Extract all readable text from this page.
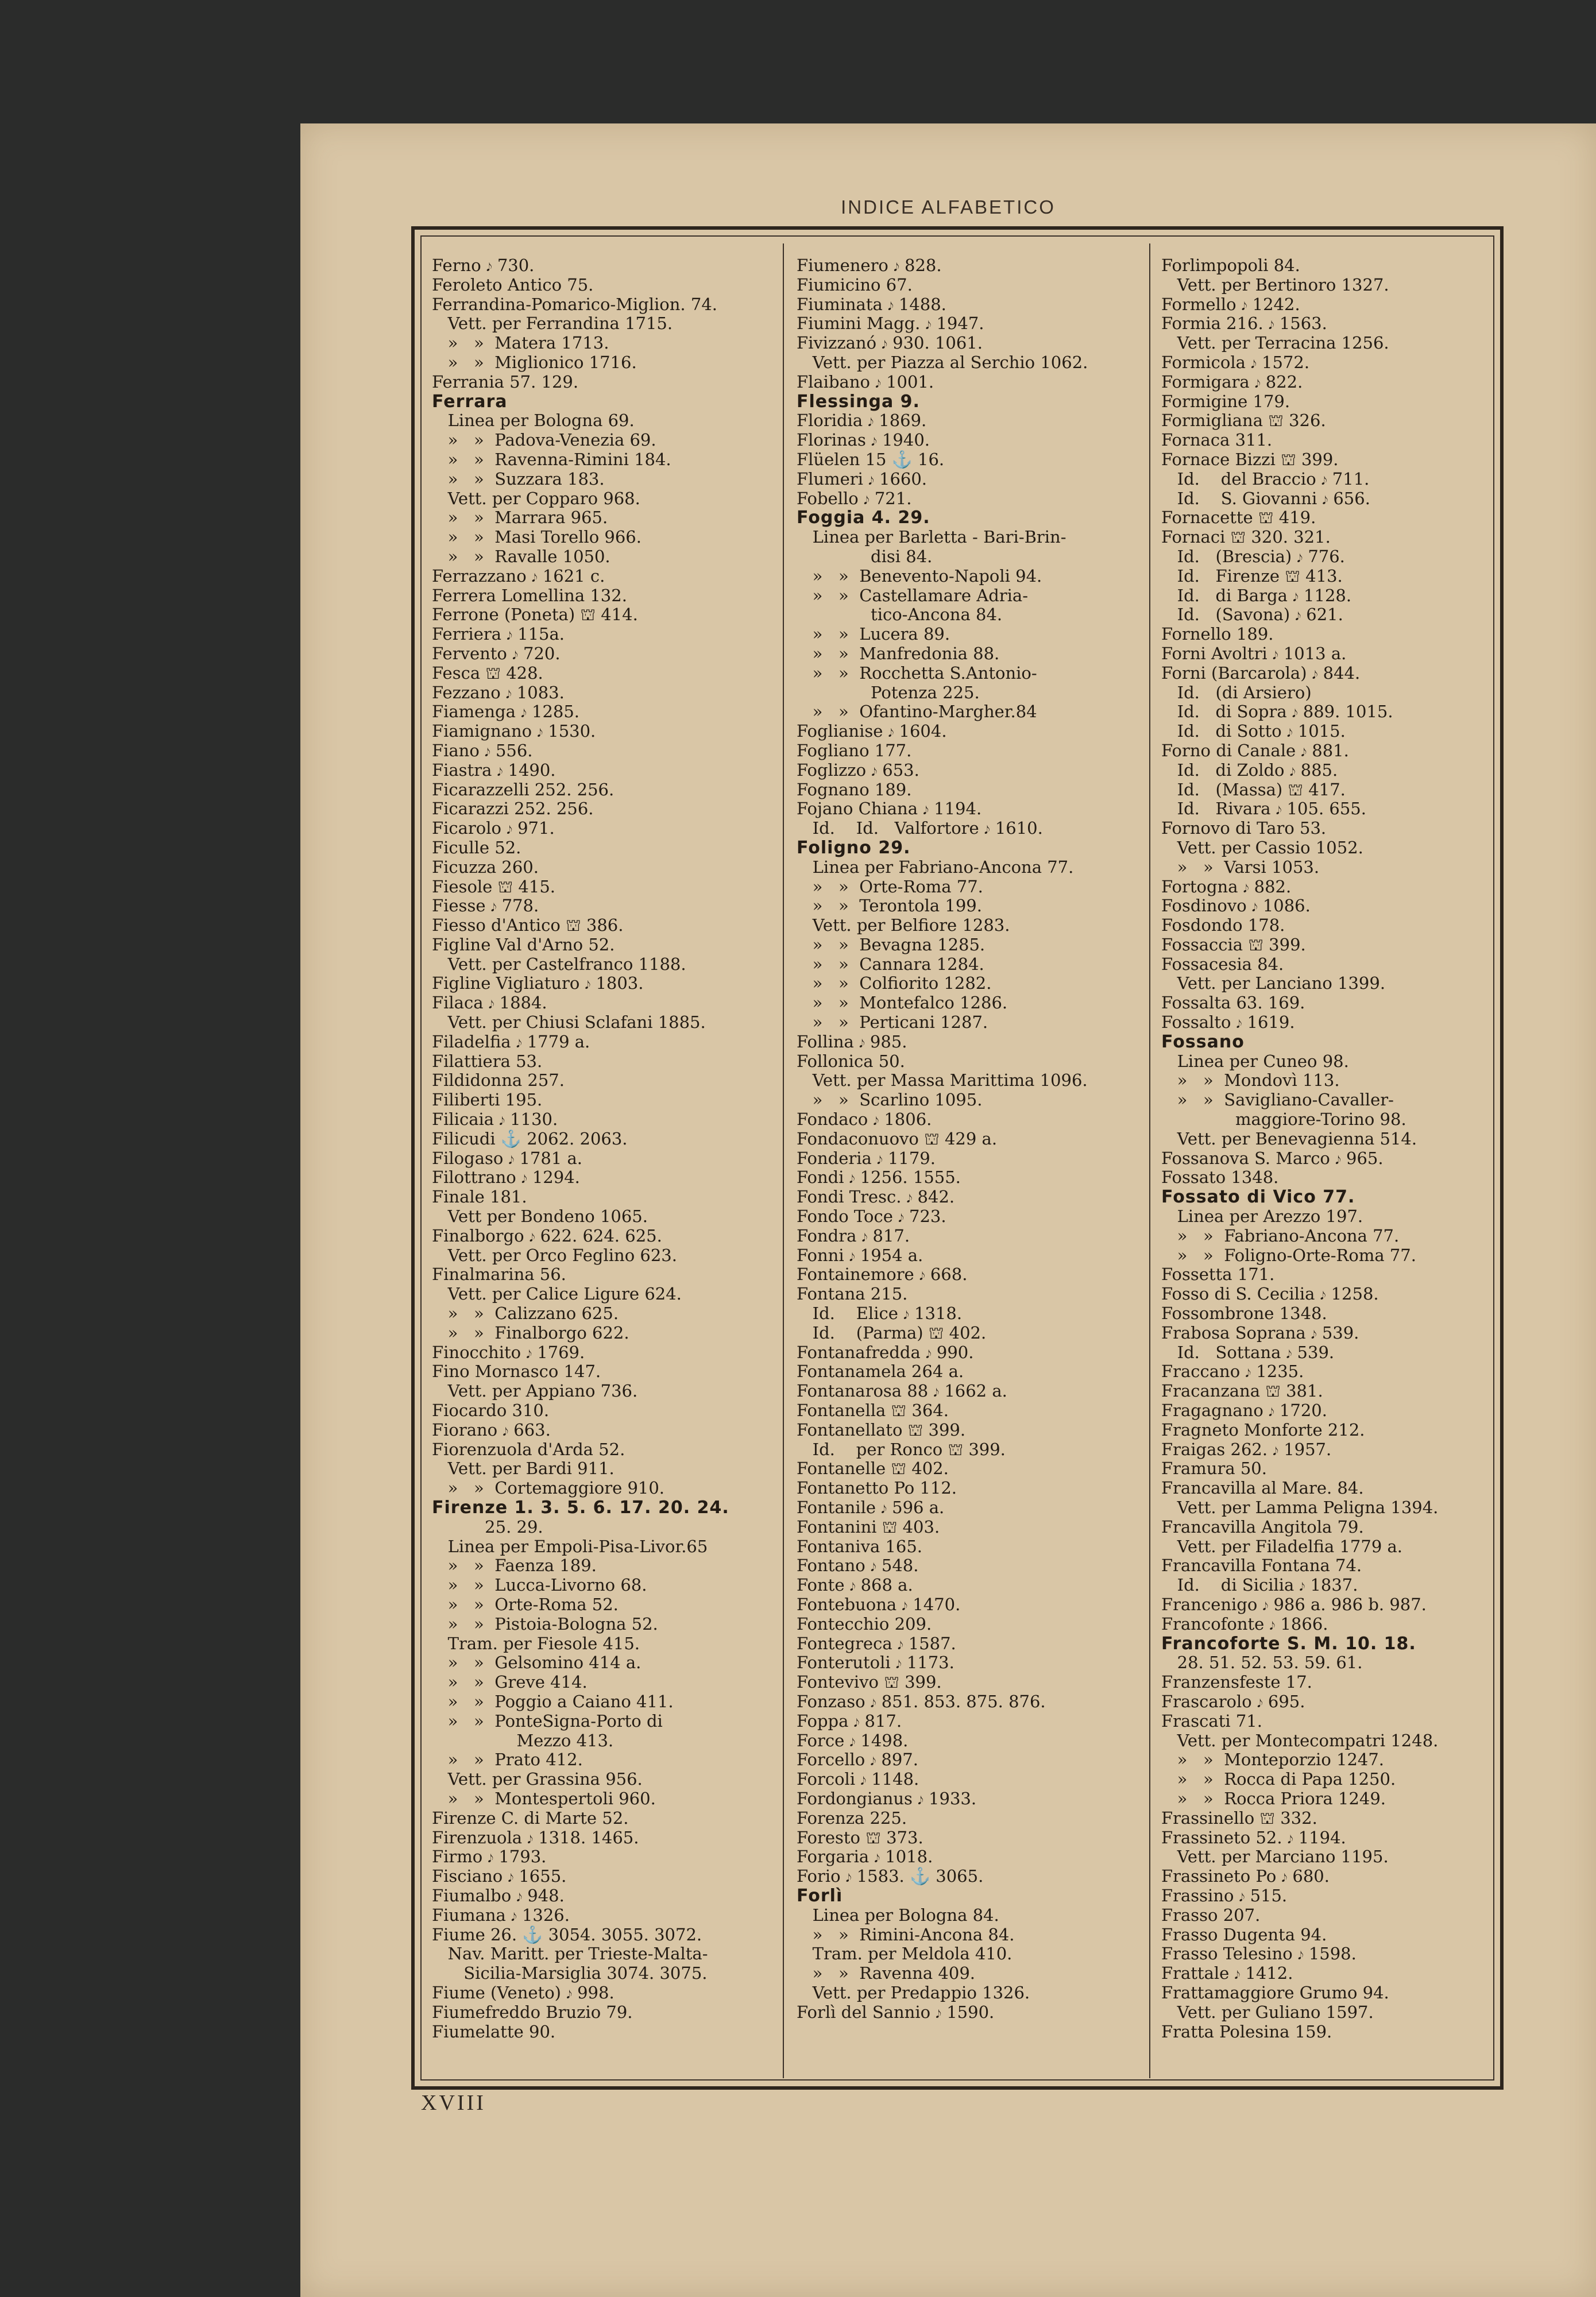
INDICE ALFABETICO
Ferno 𝆕 730.
Feroleto Antico 75.
Ferrandina-Pomarico-Miglion. 74.
Vett. per Ferrandina 1715.
»   »  Matera 1713.
»   »  Miglionico 1716.
Ferrania 57. 129.
Ferrara
Linea per Bologna 69.
»   »  Padova-Venezia 69.
»   »  Ravenna-Rimini 184.
»   »  Suzzara 183.
Vett. per Copparo 968.
»   »  Marrara 965.
»   »  Masi Torello 966.
»   »  Ravalle 1050.
Ferrazzano 𝆕 1621 c.
Ferrera Lomellina 132.
Ferrone (Poneta) ⛫ 414.
Ferriera 𝆕 115a.
Fervento 𝆕 720.
Fesca ⛫ 428.
Fezzano 𝆕 1083.
Fiamenga 𝆕 1285.
Fiamignano 𝆕 1530.
Fiano 𝆕 556.
Fiastra 𝆕 1490.
Ficarazzelli 252. 256.
Ficarazzi 252. 256.
Ficarolo 𝆕 971.
Ficulle 52.
Ficuzza 260.
Fiesole ⛫ 415.
Fiesse 𝆕 778.
Fiesso d'Antico ⛫ 386.
Figline Val d'Arno 52.
Vett. per Castelfranco 1188.
Figline Vigliaturo 𝆕 1803.
Filaca 𝆕 1884.
Vett. per Chiusi Sclafani 1885.
Filadelfia 𝆕 1779 a.
Filattiera 53.
Fildidonna 257.
Filiberti 195.
Filicaia 𝆕 1130.
Filicudi ⚓ 2062. 2063.
Filogaso 𝆕 1781 a.
Filottrano 𝆕 1294.
Finale 181.
Vett per Bondeno 1065.
Finalborgo 𝆕 622. 624. 625.
Vett. per Orco Feglino 623.
Finalmarina 56.
Vett. per Calice Ligure 624.
»   »  Calizzano 625.
»   »  Finalborgo 622.
Finocchito 𝆕 1769.
Fino Mornasco 147.
Vett. per Appiano 736.
Fiocardo 310.
Fiorano 𝆕 663.
Fiorenzuola d'Arda 52.
Vett. per Bardi 911.
»   »  Cortemaggiore 910.
Firenze 1. 3. 5. 6. 17. 20. 24.
25. 29.
Linea per Empoli-Pisa-Livor.65
»   »  Faenza 189.
»   »  Lucca-Livorno 68.
»   »  Orte-Roma 52.
»   »  Pistoia-Bologna 52.
Tram. per Fiesole 415.
»   »  Gelsomino 414 a.
»   »  Greve 414.
»   »  Poggio a Caiano 411.
»   »  PonteSigna-Porto di
Mezzo 413.
»   »  Prato 412.
Vett. per Grassina 956.
»   »  Montespertoli 960.
Firenze C. di Marte 52.
Firenzuola 𝆕 1318. 1465.
Firmo 𝆕 1793.
Fisciano 𝆕 1655.
Fiumalbo 𝆕 948.
Fiumana 𝆕 1326.
Fiume 26. ⚓ 3054. 3055. 3072.
Nav. Maritt. per Trieste-Malta-
Sicilia-Marsiglia 3074. 3075.
Fiume (Veneto) 𝆕 998.
Fiumefreddo Bruzio 79.
Fiumelatte 90.
Fiumenero 𝆕 828.
Fiumicino 67.
Fiuminata 𝆕 1488.
Fiumini Magg. 𝆕 1947.
Fivizzanó 𝆕 930. 1061.
Vett. per Piazza al Serchio 1062.
Flaibano 𝆕 1001.
Flessinga 9.
Floridia 𝆕 1869.
Florinas 𝆕 1940.
Flüelen 15 ⚓ 16.
Flumeri 𝆕 1660.
Fobello 𝆕 721.
Foggia 4. 29.
Linea per Barletta - Bari-Brin-
disi 84.
»   »  Benevento-Napoli 94.
»   »  Castellamare Adria-
tico-Ancona 84.
»   »  Lucera 89.
»   »  Manfredonia 88.
»   »  Rocchetta S.Antonio-
Potenza 225.
»   »  Ofantino-Margher.84
Foglianise 𝆕 1604.
Fogliano 177.
Foglizzo 𝆕 653.
Fognano 189.
Fojano Chiana 𝆕 1194.
Id.    Id.   Valfortore 𝆕 1610.
Foligno 29.
Linea per Fabriano-Ancona 77.
»   »  Orte-Roma 77.
»   »  Terontola 199.
Vett. per Belfiore 1283.
»   »  Bevagna 1285.
»   »  Cannara 1284.
»   »  Colfiorito 1282.
»   »  Montefalco 1286.
»   »  Perticani 1287.
Follina 𝆕 985.
Follonica 50.
Vett. per Massa Marittima 1096.
»   »  Scarlino 1095.
Fondaco 𝆕 1806.
Fondaconuovo ⛫ 429 a.
Fonderia 𝆕 1179.
Fondi 𝆕 1256. 1555.
Fondi Tresc. 𝆕 842.
Fondo Toce 𝆕 723.
Fondra 𝆕 817.
Fonni 𝆕 1954 a.
Fontainemore 𝆕 668.
Fontana 215.
Id.    Elice 𝆕 1318.
Id.    (Parma) ⛫ 402.
Fontanafredda 𝆕 990.
Fontanamela 264 a.
Fontanarosa 88 𝆕 1662 a.
Fontanella ⛫ 364.
Fontanellato ⛫ 399.
Id.    per Ronco ⛫ 399.
Fontanelle ⛫ 402.
Fontanetto Po 112.
Fontanile 𝆕 596 a.
Fontanini ⛫ 403.
Fontaniva 165.
Fontano 𝆕 548.
Fonte 𝆕 868 a.
Fontebuona 𝆕 1470.
Fontecchio 209.
Fontegreca 𝆕 1587.
Fonterutoli 𝆕 1173.
Fontevivo ⛫ 399.
Fonzaso 𝆕 851. 853. 875. 876.
Foppa 𝆕 817.
Force 𝆕 1498.
Forcello 𝆕 897.
Forcoli 𝆕 1148.
Fordongianus 𝆕 1933.
Forenza 225.
Foresto ⛫ 373.
Forgaria 𝆕 1018.
Forio 𝆕 1583. ⚓ 3065.
Forlì
Linea per Bologna 84.
»   »  Rimini-Ancona 84.
Tram. per Meldola 410.
»   »  Ravenna 409.
Vett. per Predappio 1326.
Forlì del Sannio 𝆕 1590.
Forlimpopoli 84.
Vett. per Bertinoro 1327.
Formello 𝆕 1242.
Formia 216. 𝆕 1563.
Vett. per Terracina 1256.
Formicola 𝆕 1572.
Formigara 𝆕 822.
Formigine 179.
Formigliana ⛫ 326.
Fornaca 311.
Fornace Bizzi ⛫ 399.
Id.    del Braccio 𝆕 711.
Id.    S. Giovanni 𝆕 656.
Fornacette ⛫ 419.
Fornaci ⛫ 320. 321.
Id.   (Brescia) 𝆕 776.
Id.   Firenze ⛫ 413.
Id.   di Barga 𝆕 1128.
Id.   (Savona) 𝆕 621.
Fornello 189.
Forni Avoltri 𝆕 1013 a.
Forni (Barcarola) 𝆕 844.
Id.   (di Arsiero)
Id.   di Sopra 𝆕 889. 1015.
Id.   di Sotto 𝆕 1015.
Forno di Canale 𝆕 881.
Id.   di Zoldo 𝆕 885.
Id.   (Massa) ⛫ 417.
Id.   Rivara 𝆕 105. 655.
Fornovo di Taro 53.
Vett. per Cassio 1052.
»   »  Varsi 1053.
Fortogna 𝆕 882.
Fosdinovo 𝆕 1086.
Fosdondo 178.
Fossaccia ⛫ 399.
Fossacesia 84.
Vett. per Lanciano 1399.
Fossalta 63. 169.
Fossalto 𝆕 1619.
Fossano
Linea per Cuneo 98.
»   »  Mondovì 113.
»   »  Savigliano-Cavaller-
maggiore-Torino 98.
Vett. per Benevagienna 514.
Fossanova S. Marco 𝆕 965.
Fossato 1348.
Fossato di Vico 77.
Linea per Arezzo 197.
»   »  Fabriano-Ancona 77.
»   »  Foligno-Orte-Roma 77.
Fossetta 171.
Fosso di S. Cecilia 𝆕 1258.
Fossombrone 1348.
Frabosa Soprana 𝆕 539.
Id.   Sottana 𝆕 539.
Fraccano 𝆕 1235.
Fracanzana ⛫ 381.
Fragagnano 𝆕 1720.
Fragneto Monforte 212.
Fraigas 262. 𝆕 1957.
Framura 50.
Francavilla al Mare. 84.
Vett. per Lamma Peligna 1394.
Francavilla Angitola 79.
Vett. per Filadelfia 1779 a.
Francavilla Fontana 74.
Id.    di Sicilia 𝆕 1837.
Francenigo 𝆕 986 a. 986 b. 987.
Francofonte 𝆕 1866.
Francoforte S. M. 10. 18.
28. 51. 52. 53. 59. 61.
Franzensfeste 17.
Frascarolo 𝆕 695.
Frascati 71.
Vett. per Montecompatri 1248.
»   »  Monteporzio 1247.
»   »  Rocca di Papa 1250.
»   »  Rocca Priora 1249.
Frassinello ⛫ 332.
Frassineto 52. 𝆕 1194.
Vett. per Marciano 1195.
Frassineto Po 𝆕 680.
Frassino 𝆕 515.
Frasso 207.
Frasso Dugenta 94.
Frasso Telesino 𝆕 1598.
Frattale 𝆕 1412.
Frattamaggiore Grumo 94.
Vett. per Guliano 1597.
Fratta Polesina 159.
XVIII
